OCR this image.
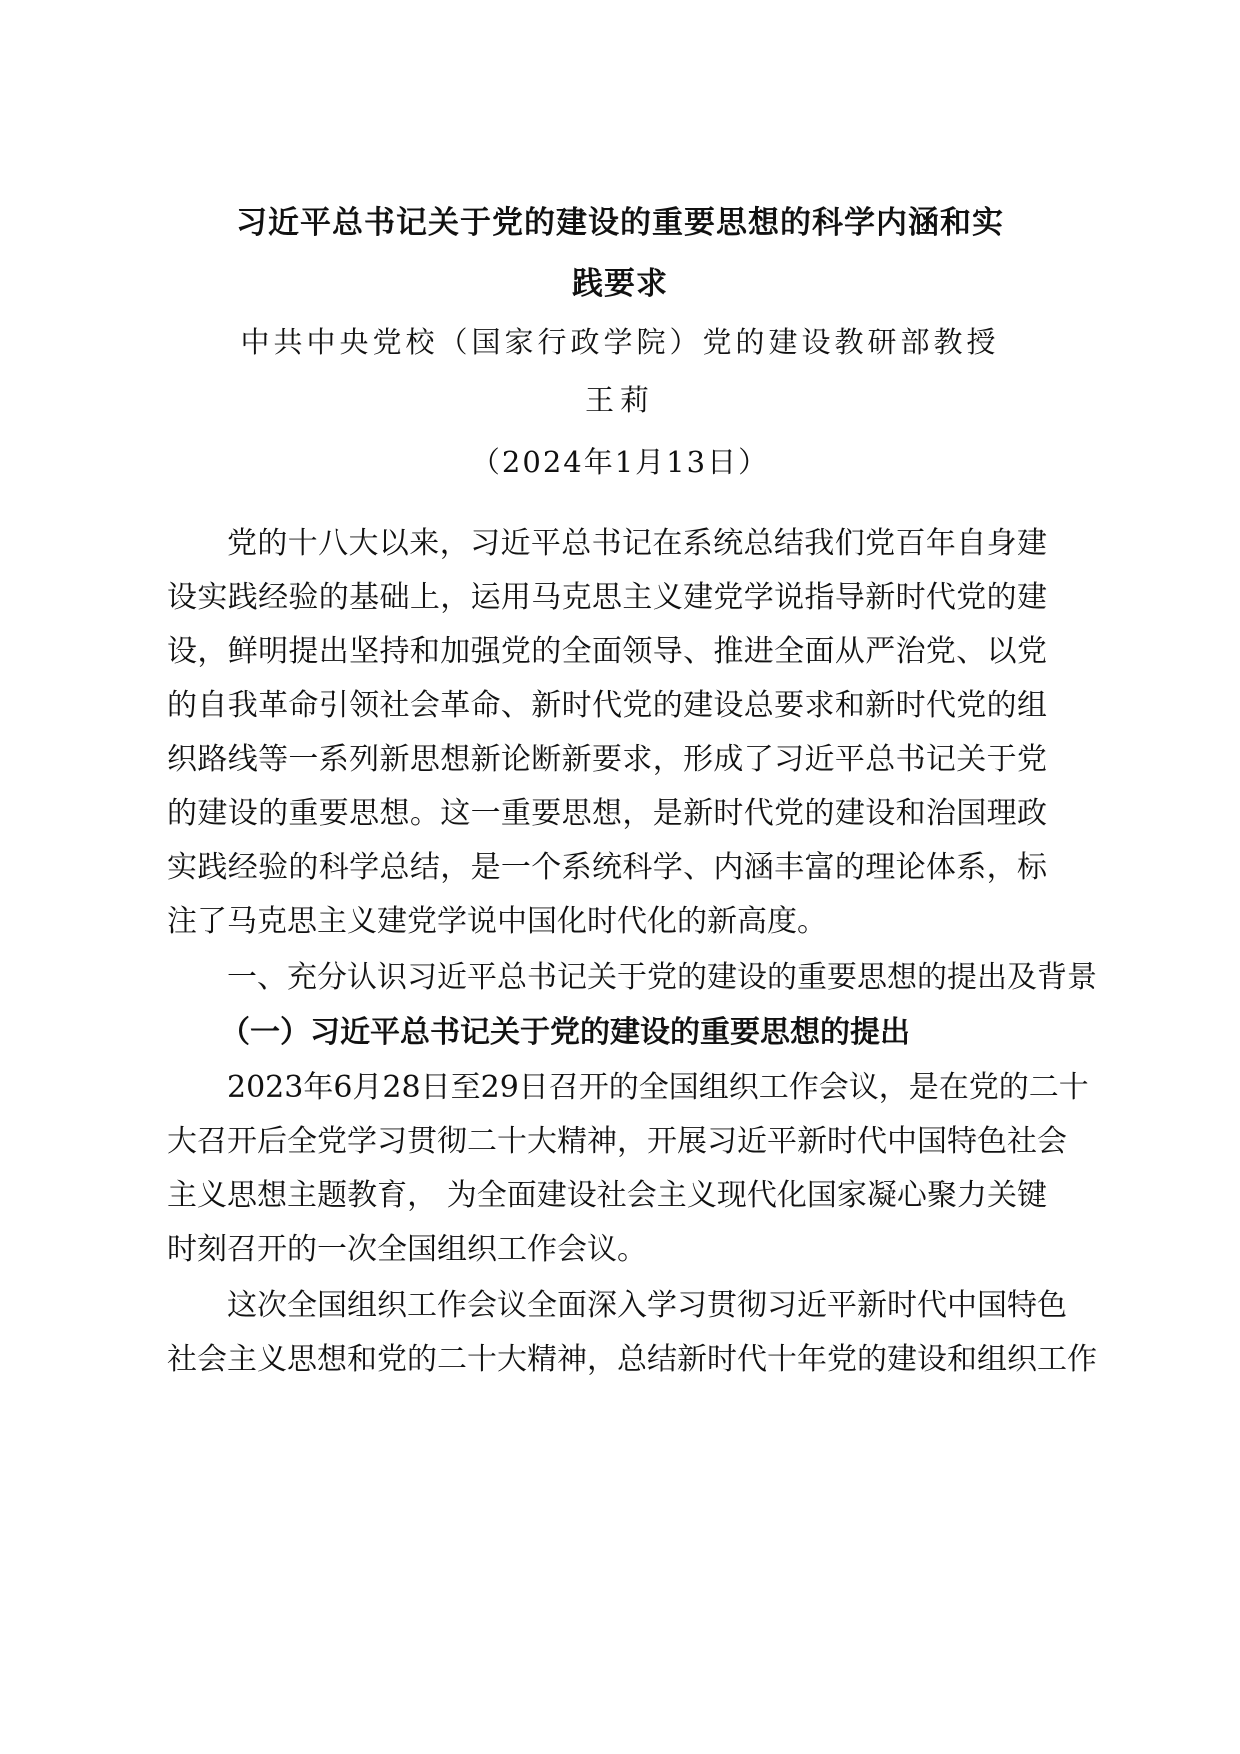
习近平总书记关于党的建设的重要思想的科学内涵和实
践要求
中共中央党校（国家行政学院）党的建设教研部教授
王莉
（2024年1月13日）
党的十八大以来，习近平总书记在系统总结我们党百年自身建
设实践经验的基础上，运用马克思主义建党学说指导新时代党的建
设，鲜明提出坚持和加强党的全面领导、推进全面从严治党、以党
的自我革命引领社会革命、新时代党的建设总要求和新时代党的组
织路线等一系列新思想新论断新要求，形成了习近平总书记关于党
的建设的重要思想。这一重要思想，是新时代党的建设和治国理政
实践经验的科学总结，是一个系统科学、内涵丰富的理论体系，标
注了马克思主义建党学说中国化时代化的新高度。
一、充分认识习近平总书记关于党的建设的重要思想的提出及背景
（一）习近平总书记关于党的建设的重要思想的提出
2023年6月28日至29日召开的全国组织工作会议，是在党的二十
大召开后全党学习贯彻二十大精神，开展习近平新时代中国特色社会
主义思想主题教育， 为全面建设社会主义现代化国家凝心聚力关键
时刻召开的一次全国组织工作会议。
这次全国组织工作会议全面深入学习贯彻习近平新时代中国特色
社会主义思想和党的二十大精神，总结新时代十年党的建设和组织工作
